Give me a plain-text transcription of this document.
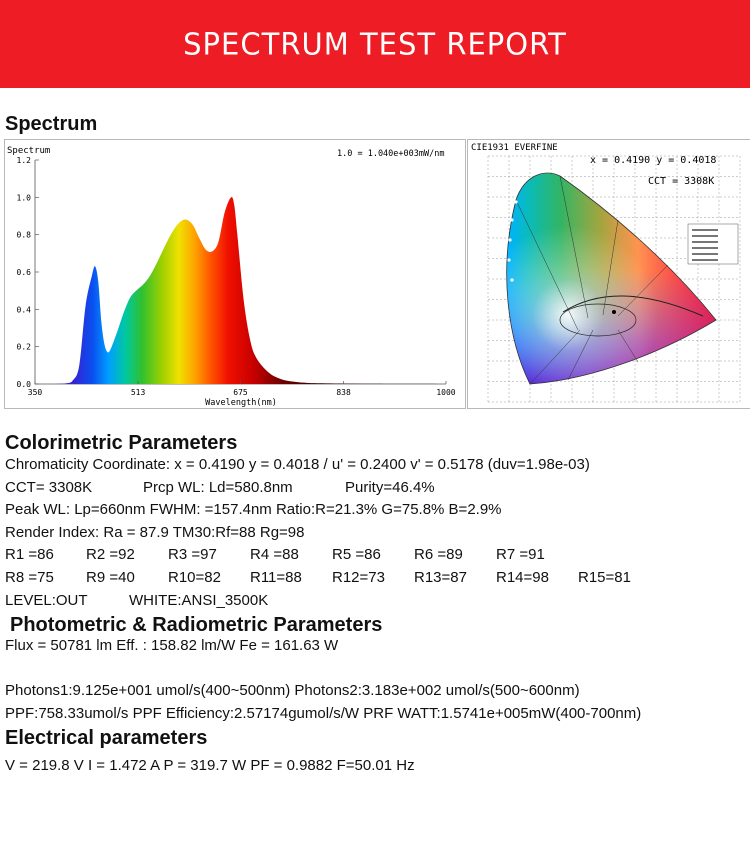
SPECTRUM TEST REPORT
Spectrum
Spectrum	1.0 = 1.040e+003mW/nm
Wavelength(nm)
1.2
1.0
0.8
0.6
0.4
0.2
0.0
350	513	675	838	1000
CIE1931 EVERFINE
x = 0.4190 y = 0.4018
CCT = 3308K
Colorimetric Parameters
Chromaticity Coordinate: x = 0.4190 y = 0.4018 / u' = 0.2400 v' = 0.5178 (duv=1.98e-03)
CCT= 3308K	Prcp WL: Ld=580.8nm	Purity=46.4%
Peak WL: Lp=660nm FWHM: =157.4nm Ratio:R=21.3% G=75.8% B=2.9%
Render Index: Ra = 87.9 TM30:Rf=88 Rg=98
R1 =86 R2 =92 R3 =97 R4 =88 R5 =86 R6 =89 R7 =91
R8 =75 R9 =40 R10=82 R11=88 R12=73 R13=87 R14=98 R15=81
LEVEL:OUT	WHITE:ANSI_3500K
Photometric & Radiometric Parameters
Flux = 50781 lm Eff. : 158.82 lm/W Fe = 161.63 W
Photons1:9.125e+001 umol/s(400~500nm) Photons2:3.183e+002 umol/s(500~600nm)
PPF:758.33umol/s PPF Efficiency:2.57174gumol/s/W PRF WATT:1.5741e+005mW(400-700nm)
Electrical parameters
V = 219.8 V I = 1.472 A P = 319.7 W PF = 0.9882 F=50.01 Hz
